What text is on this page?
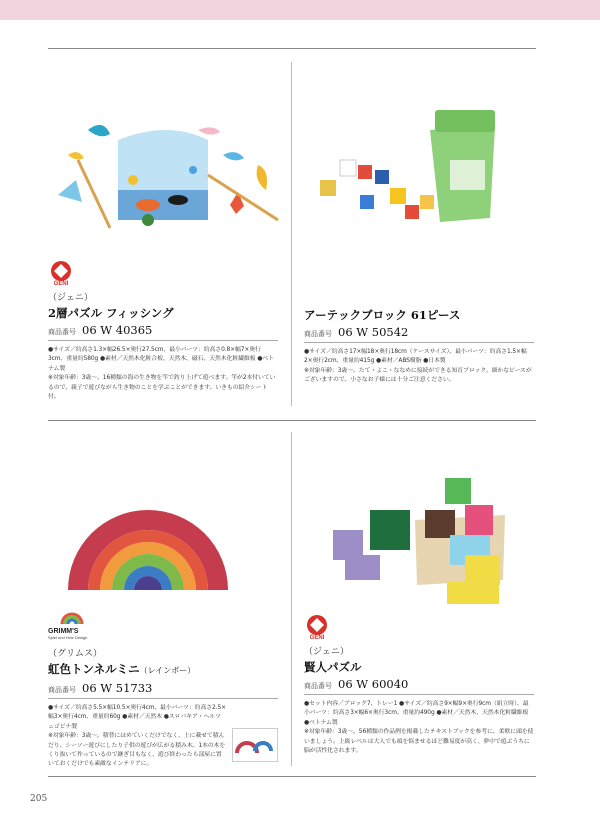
GENI
（ジェニ）
2層パズル フィッシング
商品番号 06 W 40365
●サイズ／約高さ1.3×幅26.5×奥行27.5cm、最小パーツ：約高さ0.8×幅7×奥行3cm、重量約580g ●素材／天然木化粧合板、天然木、磁石、天然木化粧繊維板 ●ベトナム製
※対象年齢：3歳～。16種類の海の生き物を竿で釣り上げて遊べます。竿が2本付いているので、親子で遊びながら生き物のことを学ぶことができます。いきもの紹介シート付。
アーテックブロック 61ピース
商品番号 06 W 50542
●サイズ／約高さ17×幅18×奥行18cm（ケースサイズ）、最小パーツ：約高さ1.5×幅2×奥行2cm、重量約415g ●素材／ABS樹脂 ●日本製
※対象年齢：3歳～。たて・よこ・ななめに接続ができる知育ブロック。細かなピースがございますので、小さなお子様には十分ご注意ください。
GRIMM'S
Spiel und Holz Design
（グリムス）
虹色トンネルミニ（レインボー）
商品番号 06 W 51733
●サイズ／約高さ5.5×幅10.5×奥行4cm、最小パーツ：約高さ2.5×幅3×奥行4cm、重量約60g ●素材／天然木 ●スロバキア・ヘルツェゴビナ製
※対象年齢：3歳～。積替にはめていくだけでなく、上に載せて積んだり、シーソー遊びにしたり子供の遊びが広がる積み木。1本の木をくり抜いて作っているので継ぎ目もなく、遊び終わったら部屋に置いておくだけでも素敵なインテリアに。
GENI
（ジェニ）
賢人パズル
商品番号 06 W 60040
●セット内容／ブロック7、トレー1 ●サイズ／約高さ9×幅9×奥行9cm（組立時）、最小パーツ：約高さ3×幅6×奥行3cm、重量約490g ●素材／天然木、天然木化粧繊維板 ●ベトナム製
※対象年齢：3歳～。56種類の作品例を掲載したテキストブックを参考に、柔軟に頭を使いましょう。上級レベルは大人でも頭を悩ませるほど難易度が高く、夢中で遊ぶうちに脳が活性化されます。
205
